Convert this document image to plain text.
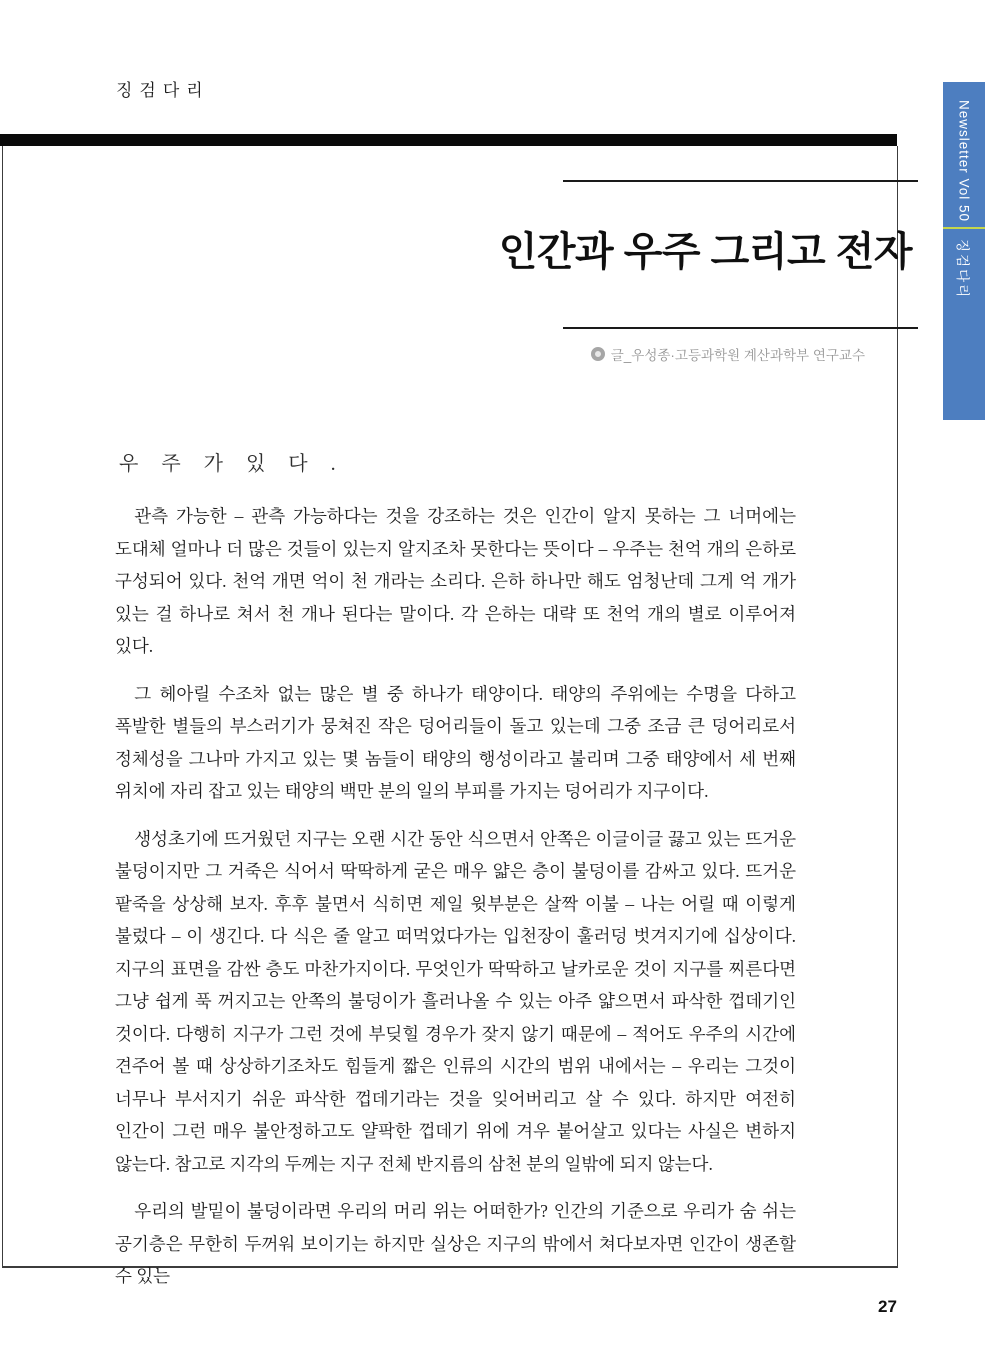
징검다리
Newsletter Vol 50
징검다리
인간과 우주 그리고 전자
글_우성종·고등과학원 계산과학부 연구교수
우 주 가 있 다 .

관측 가능한 – 관측 가능하다는 것을 강조하는 것은 인간이 알지 못하는 그 너머에는 도대체 얼마나 더 많은 것들이 있는지 알지조차 못한다는 뜻이다 – 우주는 천억 개의 은하로 구성되어 있다. 천억 개면 억이 천 개라는 소리다. 은하 하나만 해도 엄청난데 그게 억 개가 있는 걸 하나로 쳐서 천 개나 된다는 말이다. 각 은하는 대략 또 천억 개의 별로 이루어져 있다.

그 헤아릴 수조차 없는 많은 별 중 하나가 태양이다. 태양의 주위에는 수명을 다하고 폭발한 별들의 부스러기가 뭉쳐진 작은 덩어리들이 돌고 있는데 그중 조금 큰 덩어리로서 정체성을 그나마 가지고 있는 몇 놈들이 태양의 행성이라고 불리며 그중 태양에서 세 번째 위치에 자리 잡고 있는 태양의 백만 분의 일의 부피를 가지는 덩어리가 지구이다.

생성초기에 뜨거웠던 지구는 오랜 시간 동안 식으면서 안쪽은 이글이글 끓고 있는 뜨거운 불덩이지만 그 거죽은 식어서 딱딱하게 굳은 매우 얇은 층이 불덩이를 감싸고 있다. 뜨거운 팥죽을 상상해 보자. 후후 불면서 식히면 제일 윗부분은 살짝 이불 – 나는 어릴 때 이렇게 불렀다 – 이 생긴다. 다 식은 줄 알고 떠먹었다가는 입천장이 훌러덩 벗겨지기에 십상이다. 지구의 표면을 감싼 층도 마찬가지이다. 무엇인가 딱딱하고 날카로운 것이 지구를 찌른다면 그냥 쉽게 푹 꺼지고는 안쪽의 불덩이가 흘러나올 수 있는 아주 얇으면서 파삭한 껍데기인 것이다. 다행히 지구가 그런 것에 부딪힐 경우가 잦지 않기 때문에 – 적어도 우주의 시간에 견주어 볼 때 상상하기조차도 힘들게 짧은 인류의 시간의 범위 내에서는 – 우리는 그것이 너무나 부서지기 쉬운 파삭한 껍데기라는 것을 잊어버리고 살 수 있다. 하지만 여전히 인간이 그런 매우 불안정하고도 얄팍한 껍데기 위에 겨우 붙어살고 있다는 사실은 변하지 않는다. 참고로 지각의 두께는 지구 전체 반지름의 삼천 분의 일밖에 되지 않는다.

우리의 발밑이 불덩이라면 우리의 머리 위는 어떠한가? 인간의 기준으로 우리가 숨 쉬는 공기층은 무한히 두꺼워 보이기는 하지만 실상은 지구의 밖에서 쳐다보자면 인간이 생존할 수 있는

27
